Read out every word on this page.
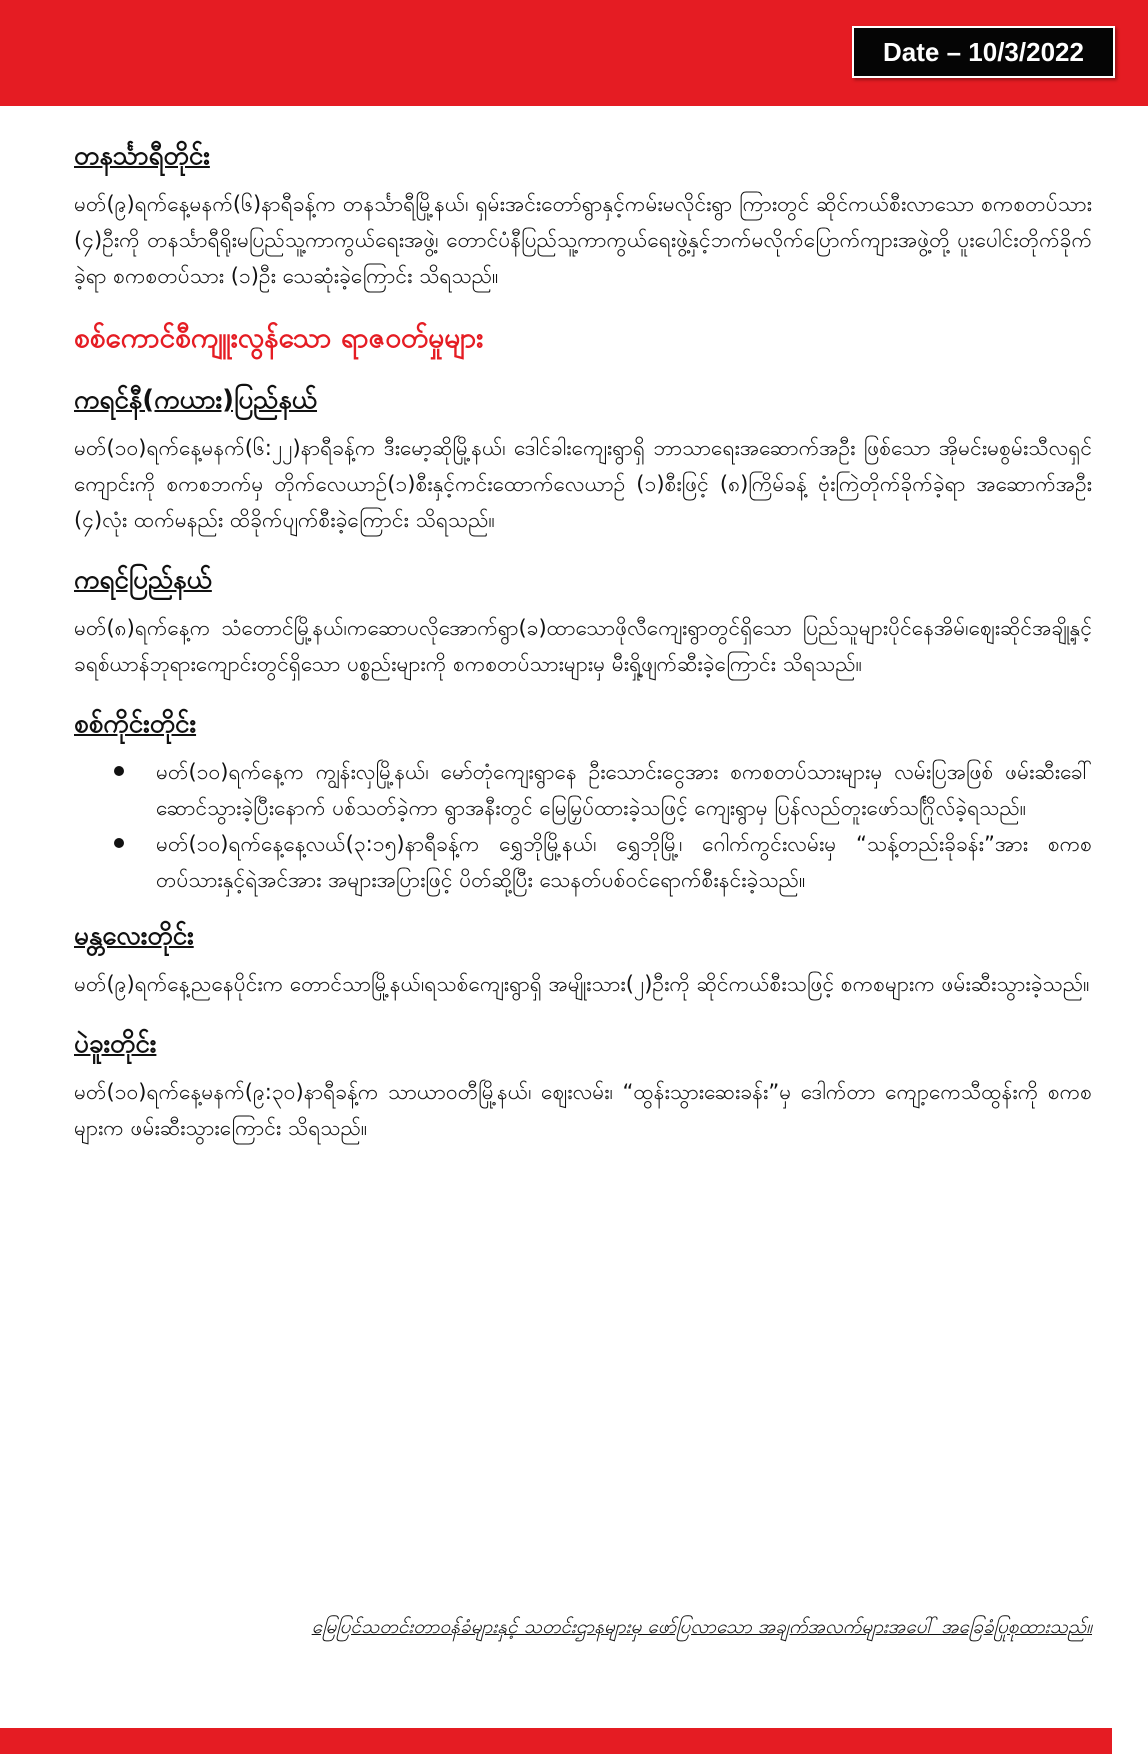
Date – 10/3/2022
တနင်္သာရီတိုင်း

မတ်(၉)ရက်နေ့မနက်(၆)နာရီခန့်က တနင်္သာရီမြို့နယ်၊ ရှမ်းအင်းတော်ရွာနှင့်ကမ်းမလိုင်းရွာ ကြားတွင် ဆိုင်ကယ်စီးလာသော စကစတပ်သား (၄)ဦးကို တနင်္သာရီရိုးမပြည်သူ့ကာကွယ်ရေးအဖွဲ့၊ တောင်ပံနီပြည်သူ့ကာကွယ်ရေးဖွဲ့နှင့်ဘက်မလိုက်ပြောက်ကျားအဖွဲ့တို့ ပူးပေါင်းတိုက်ခိုက်ခဲ့ရာ စကစတပ်သား (၁)ဦး သေဆုံးခဲ့ကြောင်း သိရသည်။

စစ်ကောင်စီကျူးလွန်သော ရာဇဝတ်မှုများ
ကရင်နီ(ကယား)ပြည်နယ်

မတ်(၁၀)ရက်နေ့မနက်(၆:၂၂)နာရီခန့်က ဒီးမော့ဆိုမြို့နယ်၊ ဒေါင်ခါးကျေးရွာရှိ ဘာသာရေးအဆောက်အဦး ဖြစ်သော အိုမင်းမစွမ်းသီလရှင်ကျောင်းကို စကစဘက်မှ တိုက်လေယာဉ်(၁)စီးနှင့်ကင်းထောက်လေယာဉ် (၁)စီးဖြင့် (၈)ကြိမ်ခန့် ဗုံးကြဲတိုက်ခိုက်ခဲ့ရာ အဆောက်အဦး (၄)လုံး ထက်မနည်း ထိခိုက်ပျက်စီးခဲ့ကြောင်း သိရသည်။

ကရင်ပြည်နယ်

မတ်(၈)ရက်နေ့က သံတောင်မြို့နယ်၊ကဆောပလိုအောက်ရွာ(ခ)ထာသောဖိုလီကျေးရွာတွင်ရှိသော ပြည်သူများပိုင်နေအိမ်၊ဈေးဆိုင်အချို့နှင့်ခရစ်ယာန်ဘုရားကျောင်းတွင်ရှိသော ပစ္စည်းများကို စကစတပ်သားများမှ မီးရှို့ဖျက်ဆီးခဲ့ကြောင်း သိရသည်။

စစ်ကိုင်းတိုင်း
မတ်(၁၀)ရက်နေ့က ကျွန်းလှမြို့နယ်၊ မော်တုံကျေးရွာနေ ဦးသောင်းငွေအား စကစတပ်သားများမှ လမ်းပြအဖြစ် ဖမ်းဆီးခေါ်ဆောင်သွားခဲ့ပြီးနောက် ပစ်သတ်ခဲ့ကာ ရွာအနီးတွင် မြေမြှပ်ထားခဲ့သဖြင့် ကျေးရွာမှ ပြန်လည်တူးဖော်သင်္ဂြိုလ်ခဲ့ရသည်။
မတ်(၁၀)ရက်နေ့နေ့လယ်(၃:၁၅)နာရီခန့်က ရွှေဘိုမြို့နယ်၊ ရွှေဘိုမြို့၊ ဂေါက်ကွင်းလမ်းမှ “သန့်တည်းခိုခန်း”အား စကစတပ်သားနှင့်ရဲအင်အား အများအပြားဖြင့် ပိတ်ဆို့ပြီး သေနတ်ပစ်ဝင်ရောက်စီးနင်းခဲ့သည်။
မန္တလေးတိုင်း

မတ်(၉)ရက်နေ့ညနေပိုင်းက တောင်သာမြို့နယ်၊ရသစ်ကျေးရွာရှိ အမျိုးသား(၂)ဦးကို ဆိုင်ကယ်စီးသဖြင့် စကစများက ဖမ်းဆီးသွားခဲ့သည်။

ပဲခူးတိုင်း

မတ်(၁၀)ရက်နေ့မနက်(၉:၃၀)နာရီခန့်က သာယာဝတီမြို့နယ်၊ ဈေးလမ်း၊ “ထွန်းသွားဆေးခန်း”မှ ဒေါက်တာ ကျော့ကေသီထွန်းကို စကစများက ဖမ်းဆီးသွားကြောင်း သိရသည်။

မြေပြင်သတင်းတာဝန်ခံများနှင့် သတင်းဌာနများမှ ဖော်ပြလာသော အချက်အလက်များအပေါ် အခြေခံပြုစုထားသည်။
